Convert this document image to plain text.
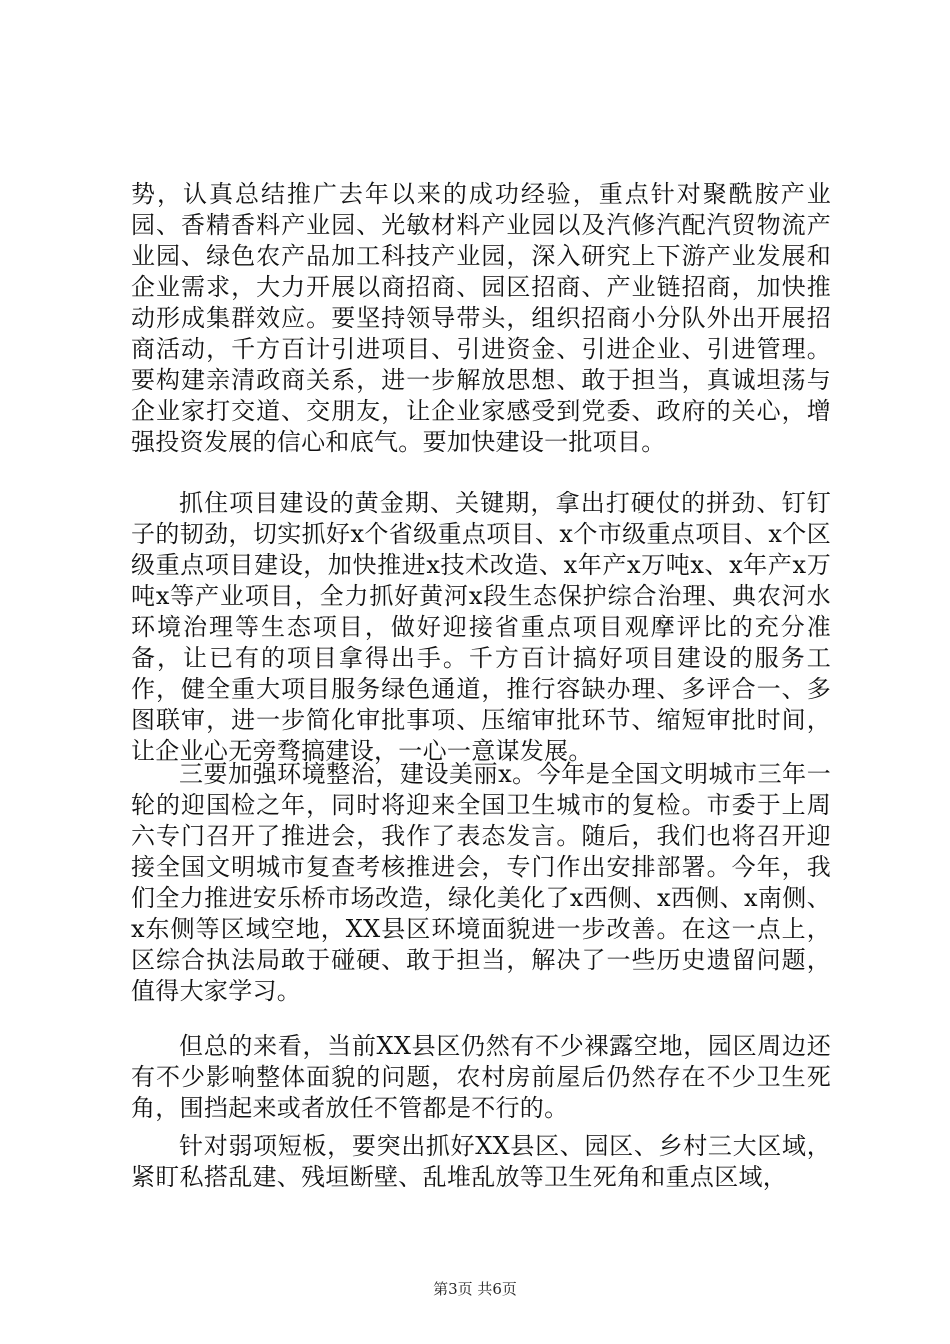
势，认真总结推广去年以来的成功经验，重点针对聚酰胺产业园、香精香料产业园、光敏材料产业园以及汽修汽配汽贸物流产业园、绿色农产品加工科技产业园，深入研究上下游产业发展和企业需求，大力开展以商招商、园区招商、产业链招商，加快推动形成集群效应。要坚持领导带头，组织招商小分队外出开展招商活动，千方百计引进项目、引进资金、引进企业、引进管理。要构建亲清政商关系，进一步解放思想、敢于担当，真诚坦荡与企业家打交道、交朋友，让企业家感受到党委、政府的关心，增强投资发展的信心和底气。要加快建设一批项目。

抓住项目建设的黄金期、关键期，拿出打硬仗的拼劲、钉钉子的韧劲，切实抓好x个省级重点项目、x个市级重点项目、x个区级重点项目建设，加快推进x技术改造、x年产x万吨x、x年产x万吨x等产业项目，全力抓好黄河x段生态保护综合治理、典农河水环境治理等生态项目，做好迎接省重点项目观摩评比的充分准备，让已有的项目拿得出手。千方百计搞好项目建设的服务工作，健全重大项目服务绿色通道，推行容缺办理、多评合一、多图联审，进一步简化审批事项、压缩审批环节、缩短审批时间，让企业心无旁骛搞建设，一心一意谋发展。

三要加强环境整治，建设美丽x。今年是全国文明城市三年一轮的迎国检之年，同时将迎来全国卫生城市的复检。市委于上周六专门召开了推进会，我作了表态发言。随后，我们也将召开迎接全国文明城市复查考核推进会，专门作出安排部署。今年，我们全力推进安乐桥市场改造，绿化美化了x西侧、x西侧、x南侧、x东侧等区域空地，XX县区环境面貌进一步改善。在这一点上，区综合执法局敢于碰硬、敢于担当，解决了一些历史遗留问题，值得大家学习。

但总的来看，当前XX县区仍然有不少裸露空地，园区周边还有不少影响整体面貌的问题，农村房前屋后仍然存在不少卫生死角，围挡起来或者放任不管都是不行的。

针对弱项短板，要突出抓好XX县区、园区、乡村三大区域，紧盯私搭乱建、残垣断壁、乱堆乱放等卫生死角和重点区域，

第3页 共6页
